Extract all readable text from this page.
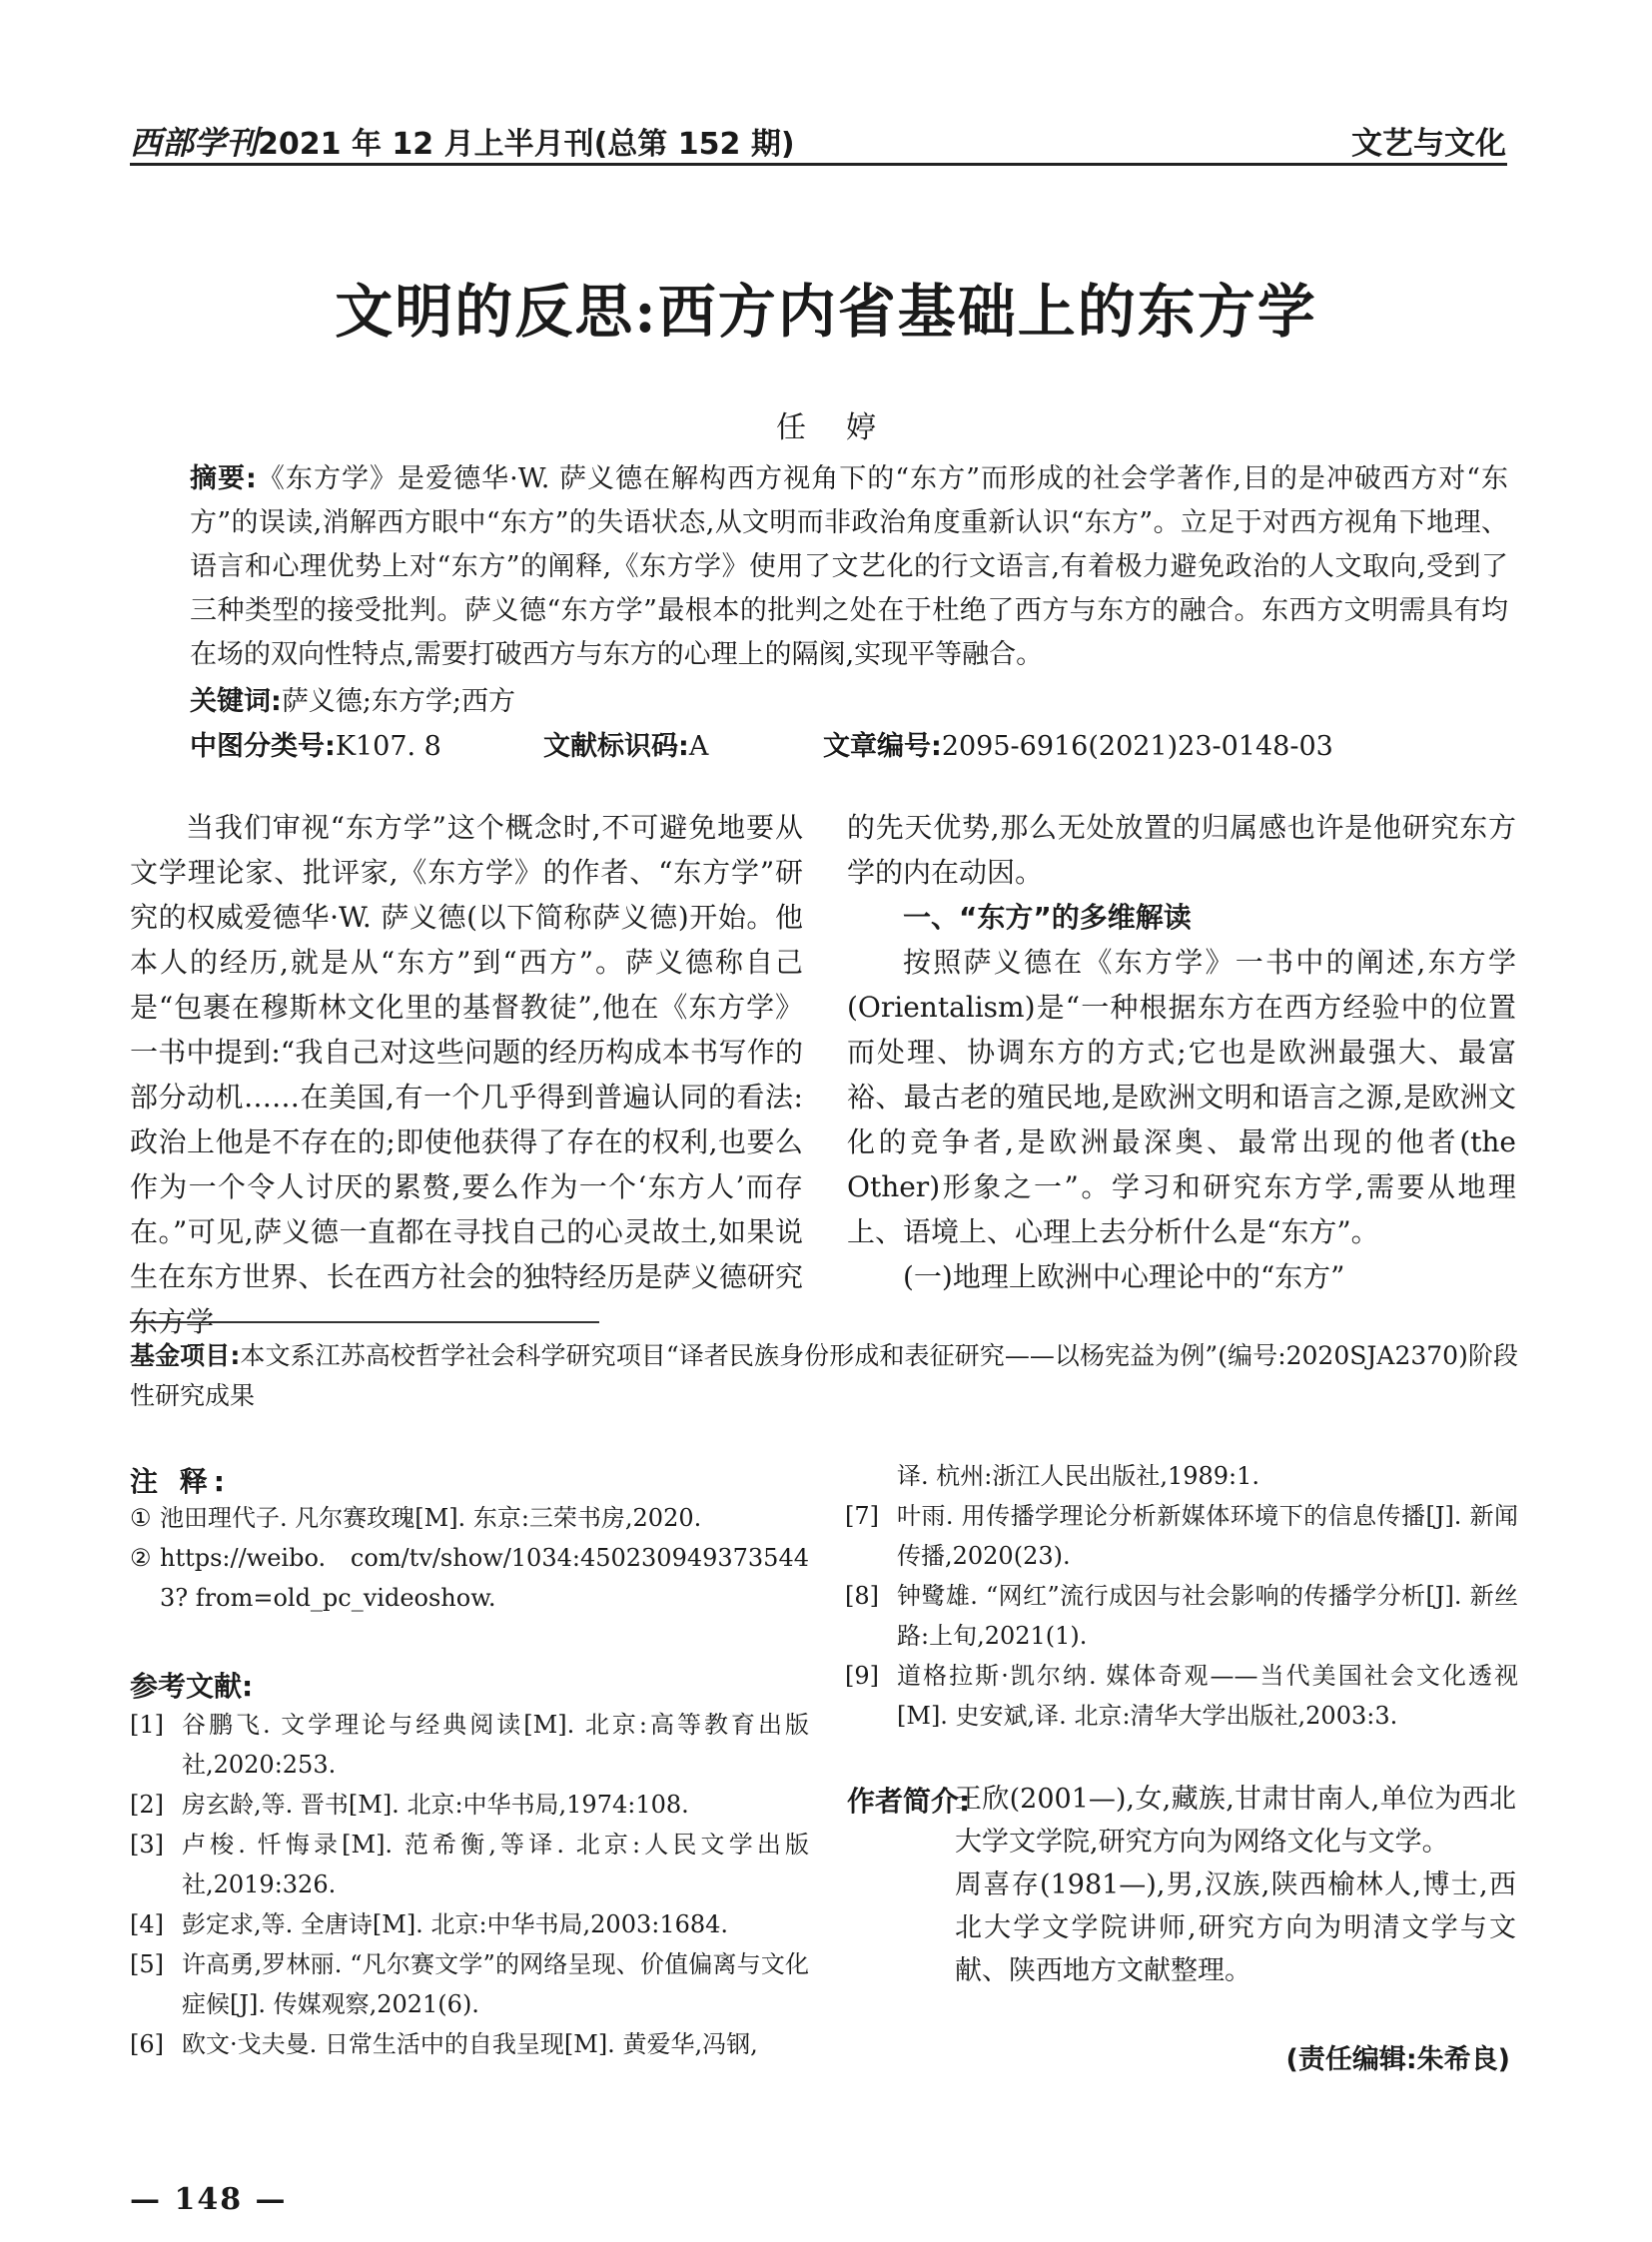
西部学刊2021 年 12 月上半月刊(总第 152 期)	文艺与文化
文明的反思:西方内省基础上的东方学
任婷

摘要:《东方学》是爱德华·W. 萨义德在解构西方视角下的“东方”而形成的社会学著作,目的是冲破西方对“东方”的误读,消解西方眼中“东方”的失语状态,从文明而非政治角度重新认识“东方”。立足于对西方视角下地理、语言和心理优势上对“东方”的阐释,《东方学》使用了文艺化的行文语言,有着极力避免政治的人文取向,受到了三种类型的接受批判。萨义德“东方学”最根本的批判之处在于杜绝了西方与东方的融合。东西方文明需具有均在场的双向性特点,需要打破西方与东方的心理上的隔阂,实现平等融合。

关键词:萨义德;东方学;西方
中图分类号:K107. 8	文献标识码:A	文章编号:2095-6916(2021)23-0148-03

当我们审视“东方学”这个概念时,不可避免地要从文学理论家、批评家,《东方学》的作者、“东方学”研究的权威爱德华·W. 萨义德(以下简称萨义德)开始。他本人的经历,就是从“东方”到“西方”。萨义德称自己是“包裹在穆斯林文化里的基督教徒”,他在《东方学》一书中提到:“我自己对这些问题的经历构成本书写作的部分动机……在美国,有一个几乎得到普遍认同的看法:政治上他是不存在的;即使他获得了存在的权利,也要么作为一个令人讨厌的累赘,要么作为一个‘东方人’而存在。”可见,萨义德一直都在寻找自己的心灵故土,如果说生在东方世界、长在西方社会的独特经历是萨义德研究东方学

的先天优势,那么无处放置的归属感也许是他研究东方学的内在动因。

一、“东方”的多维解读

按照萨义德在《东方学》一书中的阐述,东方学(Orientalism)是“一种根据东方在西方经验中的位置而处理、协调东方的方式;它也是欧洲最强大、最富裕、最古老的殖民地,是欧洲文明和语言之源,是欧洲文化的竞争者,是欧洲最深奥、最常出现的他者(the Other)形象之一”。学习和研究东方学,需要从地理上、语境上、心理上去分析什么是“东方”。

(一)地理上欧洲中心理论中的“东方”

基金项目:本文系江苏高校哲学社会科学研究项目“译者民族身份形成和表征研究——以杨宪益为例”(编号:2020SJA2370)阶段性研究成果

注 释:
① 池田理代子. 凡尔赛玫瑰[M]. 东京:三荣书房,2020.
② https://weibo. com/tv/show/1034:4502309493735443? from=old_pc_videoshow.
参考文献:
[1] 谷鹏飞. 文学理论与经典阅读[M]. 北京:高等教育出版社,2020:253.
[2] 房玄龄,等. 晋书[M]. 北京:中华书局,1974:108.
[3] 卢梭. 忏悔录[M]. 范希衡,等译. 北京:人民文学出版社,2019:326.
[4] 彭定求,等. 全唐诗[M]. 北京:中华书局,2003:1684.
[5] 许高勇,罗林丽. “凡尔赛文学”的网络呈现、价值偏离与文化症候[J]. 传媒观察,2021(6).
[6] 欧文·戈夫曼. 日常生活中的自我呈现[M]. 黄爱华,冯钢,

译. 杭州:浙江人民出版社,1989:1.

[7] 叶雨. 用传播学理论分析新媒体环境下的信息传播[J]. 新闻传播,2020(23).
[8] 钟鹭雄. “网红”流行成因与社会影响的传播学分析[J]. 新丝路:上旬,2021(1).
[9] 道格拉斯·凯尔纳. 媒体奇观——当代美国社会文化透视[M]. 史安斌,译. 北京:清华大学出版社,2003:3.
作者简介:

王欣(2001—),女,藏族,甘肃甘南人,单位为西北大学文学院,研究方向为网络文化与文学。

周喜存(1981—),男,汉族,陕西榆林人,博士,西北大学文学院讲师,研究方向为明清文学与文献、陕西地方文献整理。

(责任编辑:朱希良)
— 148 —
